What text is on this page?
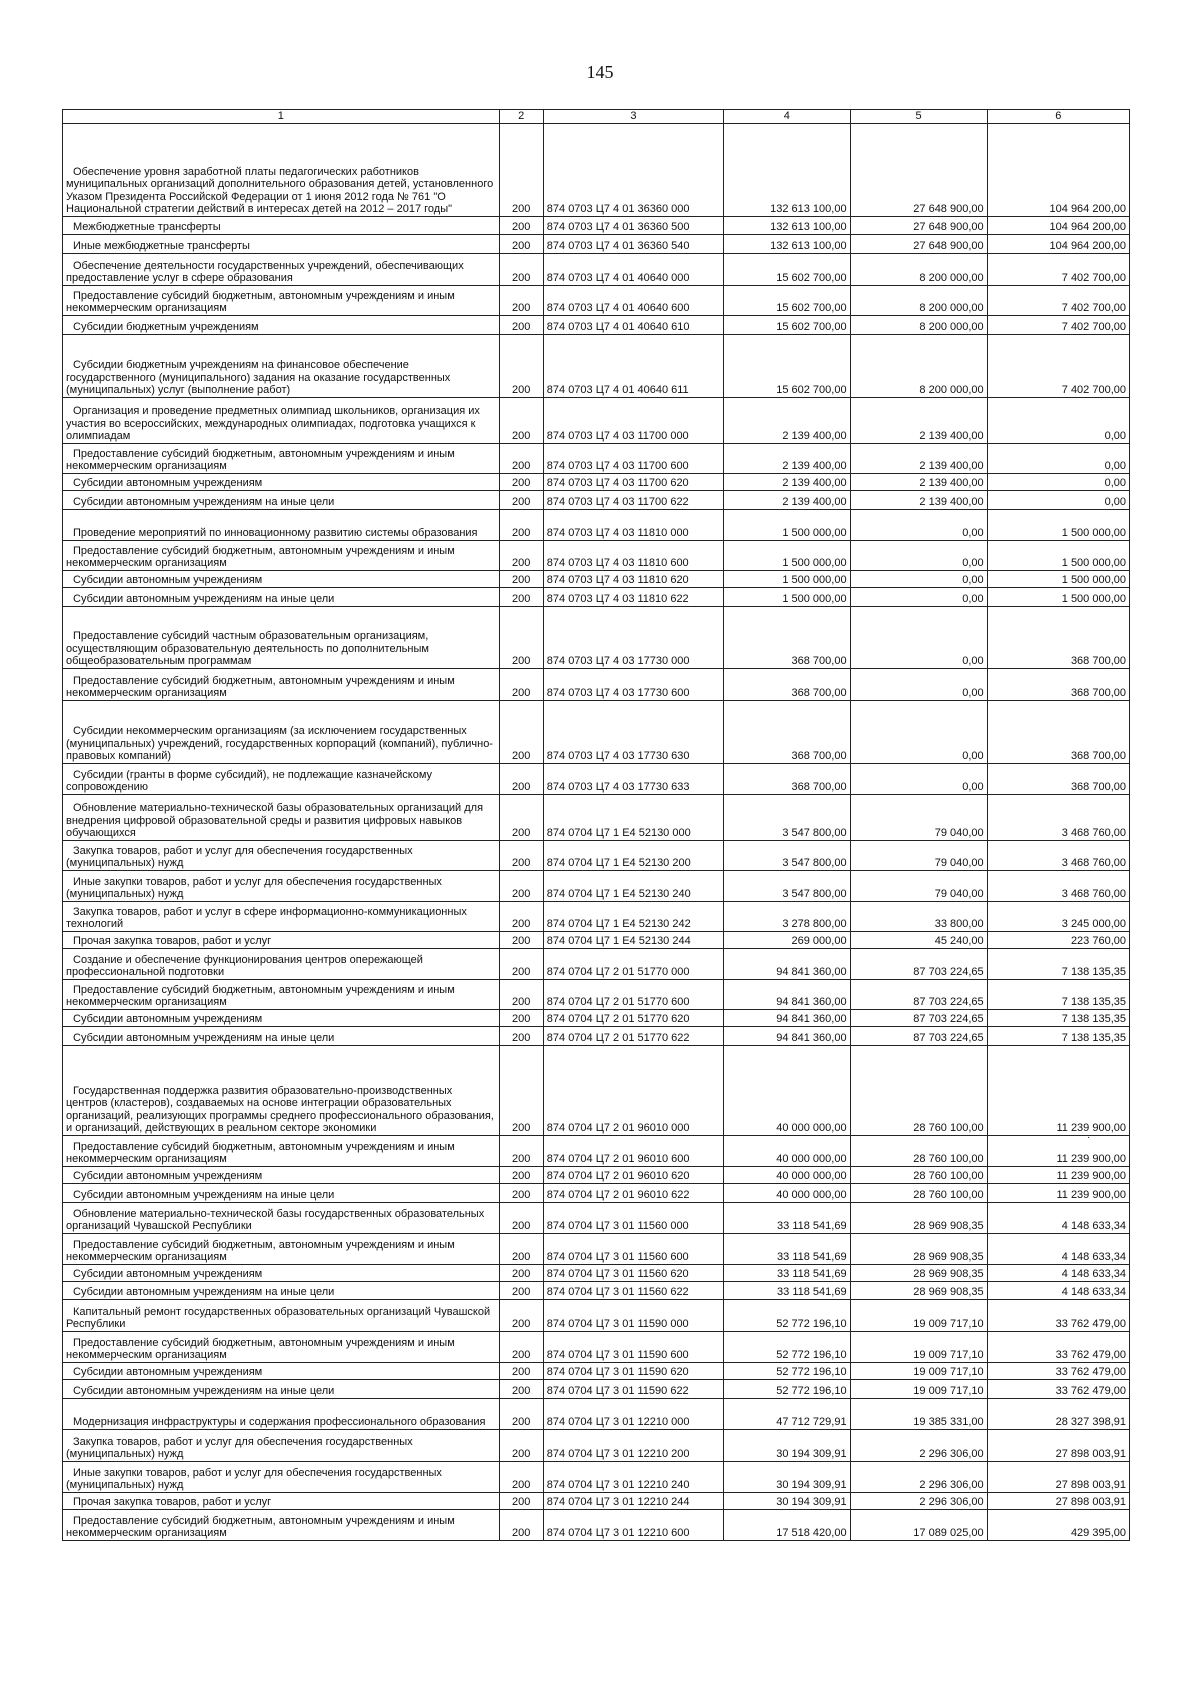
145
1	2	3	4	5	6

Обеспечение уровня заработной платы педагогических работников муниципальных организаций дополнительного образования детей, установленного Указом Президента Российской Федерации от 1 июня 2012 года № 761 "О Национальной стратегии действий в интересах детей на 2012 – 2017 годы"	200	874 0703 Ц7 4 01 36360 000	132 613 100,00	27 648 900,00	104 964 200,00

Межбюджетные трансферты	200	874 0703 Ц7 4 01 36360 500	132 613 100,00	27 648 900,00	104 964 200,00

Иные межбюджетные трансферты	200	874 0703 Ц7 4 01 36360 540	132 613 100,00	27 648 900,00	104 964 200,00

Обеспечение деятельности государственных учреждений, обеспечивающих предоставление услуг в сфере образования	200	874 0703 Ц7 4 01 40640 000	15 602 700,00	8 200 000,00	7 402 700,00

Предоставление субсидий бюджетным, автономным учреждениям и иным некоммерческим организациям	200	874 0703 Ц7 4 01 40640 600	15 602 700,00	8 200 000,00	7 402 700,00

Субсидии бюджетным учреждениям	200	874 0703 Ц7 4 01 40640 610	15 602 700,00	8 200 000,00	7 402 700,00

Субсидии бюджетным учреждениям на финансовое обеспечение государственного (муниципального) задания на оказание государственных (муниципальных) услуг (выполнение работ)	200	874 0703 Ц7 4 01 40640 611	15 602 700,00	8 200 000,00	7 402 700,00

Организация и проведение предметных олимпиад школьников, организация их участия во всероссийских, международных олимпиадах, подготовка учащихся к олимпиадам	200	874 0703 Ц7 4 03 11700 000	2 139 400,00	2 139 400,00	0,00

Предоставление субсидий бюджетным, автономным учреждениям и иным некоммерческим организациям	200	874 0703 Ц7 4 03 11700 600	2 139 400,00	2 139 400,00	0,00

Субсидии автономным учреждениям	200	874 0703 Ц7 4 03 11700 620	2 139 400,00	2 139 400,00	0,00

Субсидии автономным учреждениям на иные цели	200	874 0703 Ц7 4 03 11700 622	2 139 400,00	2 139 400,00	0,00

Проведение мероприятий по инновационному развитию системы образования	200	874 0703 Ц7 4 03 11810 000	1 500 000,00	0,00	1 500 000,00

Предоставление субсидий бюджетным, автономным учреждениям и иным некоммерческим организациям	200	874 0703 Ц7 4 03 11810 600	1 500 000,00	0,00	1 500 000,00

Субсидии автономным учреждениям	200	874 0703 Ц7 4 03 11810 620	1 500 000,00	0,00	1 500 000,00

Субсидии автономным учреждениям на иные цели	200	874 0703 Ц7 4 03 11810 622	1 500 000,00	0,00	1 500 000,00

Предоставление субсидий частным образовательным организациям, осуществляющим образовательную деятельность по дополнительным общеобразовательным программам	200	874 0703 Ц7 4 03 17730 000	368 700,00	0,00	368 700,00

Предоставление субсидий бюджетным, автономным учреждениям и иным некоммерческим организациям	200	874 0703 Ц7 4 03 17730 600	368 700,00	0,00	368 700,00

Субсидии некоммерческим организациям (за исключением государственных (муниципальных) учреждений, государственных корпораций (компаний), публично-правовых компаний)	200	874 0703 Ц7 4 03 17730 630	368 700,00	0,00	368 700,00

Субсидии (гранты в форме субсидий), не подлежащие казначейскому сопровождению	200	874 0703 Ц7 4 03 17730 633	368 700,00	0,00	368 700,00

Обновление материально-технической базы образовательных организаций для внедрения цифровой образовательной среды и развития цифровых навыков обучающихся	200	874 0704 Ц7 1 E4 52130 000	3 547 800,00	79 040,00	3 468 760,00

Закупка товаров, работ и услуг для обеспечения государственных (муниципальных) нужд	200	874 0704 Ц7 1 E4 52130 200	3 547 800,00	79 040,00	3 468 760,00

Иные закупки товаров, работ и услуг для обеспечения государственных (муниципальных) нужд	200	874 0704 Ц7 1 E4 52130 240	3 547 800,00	79 040,00	3 468 760,00

Закупка товаров, работ и услуг в сфере информационно-коммуникационных технологий	200	874 0704 Ц7 1 E4 52130 242	3 278 800,00	33 800,00	3 245 000,00

Прочая закупка товаров, работ и услуг	200	874 0704 Ц7 1 E4 52130 244	269 000,00	45 240,00	223 760,00

Создание и обеспечение функционирования центров опережающей профессиональной подготовки	200	874 0704 Ц7 2 01 51770 000	94 841 360,00	87 703 224,65	7 138 135,35

Предоставление субсидий бюджетным, автономным учреждениям и иным некоммерческим организациям	200	874 0704 Ц7 2 01 51770 600	94 841 360,00	87 703 224,65	7 138 135,35

Субсидии автономным учреждениям	200	874 0704 Ц7 2 01 51770 620	94 841 360,00	87 703 224,65	7 138 135,35

Субсидии автономным учреждениям на иные цели	200	874 0704 Ц7 2 01 51770 622	94 841 360,00	87 703 224,65	7 138 135,35

Государственная поддержка развития образовательно-производственных центров (кластеров), создаваемых на основе интеграции образовательных организаций, реализующих программы среднего профессионального образования, и организаций, действующих в реальном секторе экономики	200	874 0704 Ц7 2 01 96010 000	40 000 000,00	28 760 100,00	11 239 900,00

Предоставление субсидий бюджетным, автономным учреждениям и иным некоммерческим организациям	200	874 0704 Ц7 2 01 96010 600	40 000 000,00	28 760 100,00	11 239 900,00

Субсидии автономным учреждениям	200	874 0704 Ц7 2 01 96010 620	40 000 000,00	28 760 100,00	11 239 900,00

Субсидии автономным учреждениям на иные цели	200	874 0704 Ц7 2 01 96010 622	40 000 000,00	28 760 100,00	11 239 900,00

Обновление материально-технической базы государственных образовательных организаций Чувашской Республики	200	874 0704 Ц7 3 01 11560 000	33 118 541,69	28 969 908,35	4 148 633,34

Предоставление субсидий бюджетным, автономным учреждениям и иным некоммерческим организациям	200	874 0704 Ц7 3 01 11560 600	33 118 541,69	28 969 908,35	4 148 633,34

Субсидии автономным учреждениям	200	874 0704 Ц7 3 01 11560 620	33 118 541,69	28 969 908,35	4 148 633,34

Субсидии автономным учреждениям на иные цели	200	874 0704 Ц7 3 01 11560 622	33 118 541,69	28 969 908,35	4 148 633,34

Капитальный ремонт государственных образовательных организаций Чувашской Республики	200	874 0704 Ц7 3 01 11590 000	52 772 196,10	19 009 717,10	33 762 479,00

Предоставление субсидий бюджетным, автономным учреждениям и иным некоммерческим организациям	200	874 0704 Ц7 3 01 11590 600	52 772 196,10	19 009 717,10	33 762 479,00

Субсидии автономным учреждениям	200	874 0704 Ц7 3 01 11590 620	52 772 196,10	19 009 717,10	33 762 479,00

Субсидии автономным учреждениям на иные цели	200	874 0704 Ц7 3 01 11590 622	52 772 196,10	19 009 717,10	33 762 479,00

Модернизация инфраструктуры и содержания профессионального образования	200	874 0704 Ц7 3 01 12210 000	47 712 729,91	19 385 331,00	28 327 398,91

Закупка товаров, работ и услуг для обеспечения государственных (муниципальных) нужд	200	874 0704 Ц7 3 01 12210 200	30 194 309,91	2 296 306,00	27 898 003,91

Иные закупки товаров, работ и услуг для обеспечения государственных (муниципальных) нужд	200	874 0704 Ц7 3 01 12210 240	30 194 309,91	2 296 306,00	27 898 003,91

Прочая закупка товаров, работ и услуг	200	874 0704 Ц7 3 01 12210 244	30 194 309,91	2 296 306,00	27 898 003,91

Предоставление субсидий бюджетным, автономным учреждениям и иным некоммерческим организациям	200	874 0704 Ц7 3 01 12210 600	17 518 420,00	17 089 025,00	429 395,00
·
